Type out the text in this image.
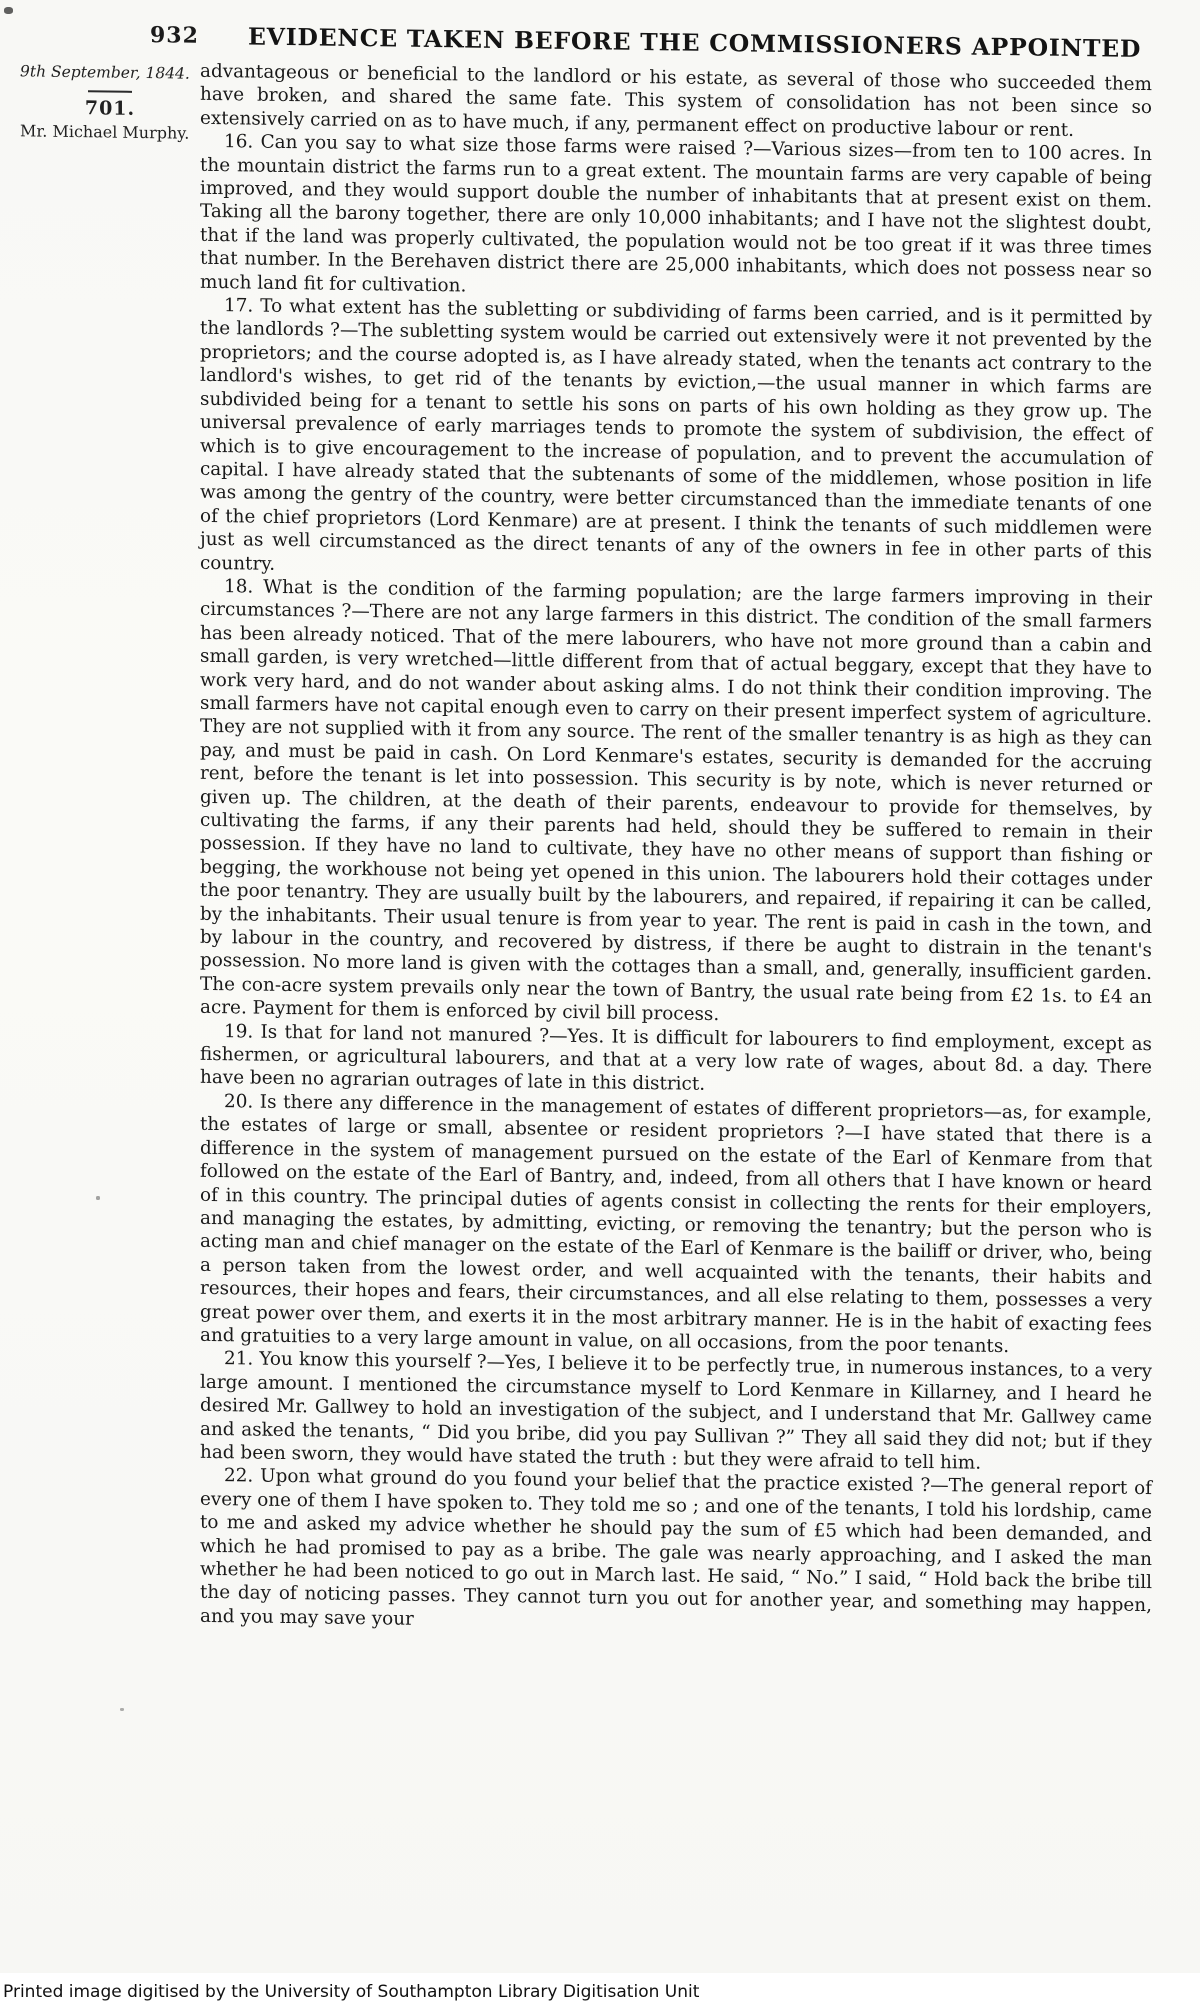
932 EVIDENCE TAKEN BEFORE THE COMMISSIONERS APPOINTED
9th September, 1844.
701.
Mr. Michael Murphy.

advantageous or beneficial to the landlord or his estate, as several of those who succeeded them have broken, and shared the same fate. This system of consolidation has not been since so extensively carried on as to have much, if any, permanent effect on productive labour or rent.

16. Can you say to what size those farms were raised ?—Various sizes—from ten to 100 acres. In the mountain district the farms run to a great extent. The mountain farms are very capable of being improved, and they would support double the number of inhabitants that at present exist on them. Taking all the barony together, there are only 10,000 inhabitants; and I have not the slightest doubt, that if the land was properly cultivated, the population would not be too great if it was three times that number. In the Berehaven district there are 25,000 inhabitants, which does not possess near so much land fit for cultivation.

17. To what extent has the subletting or subdividing of farms been carried, and is it permitted by the landlords ?—The subletting system would be carried out extensively were it not prevented by the proprietors; and the course adopted is, as I have already stated, when the tenants act contrary to the landlord's wishes, to get rid of the tenants by eviction,—the usual manner in which farms are subdivided being for a tenant to settle his sons on parts of his own holding as they grow up. The universal prevalence of early marriages tends to promote the system of subdivision, the effect of which is to give encouragement to the increase of population, and to prevent the accumulation of capital. I have already stated that the subtenants of some of the middlemen, whose position in life was among the gentry of the country, were better circumstanced than the immediate tenants of one of the chief proprietors (Lord Kenmare) are at present. I think the tenants of such middlemen were just as well circumstanced as the direct tenants of any of the owners in fee in other parts of this country.

18. What is the condition of the farming population; are the large farmers improving in their circumstances ?—There are not any large farmers in this district. The condition of the small farmers has been already noticed. That of the mere labourers, who have not more ground than a cabin and small garden, is very wretched—little different from that of actual beggary, except that they have to work very hard, and do not wander about asking alms. I do not think their condition improving. The small farmers have not capital enough even to carry on their present imperfect system of agriculture. They are not supplied with it from any source. The rent of the smaller tenantry is as high as they can pay, and must be paid in cash. On Lord Kenmare's estates, security is demanded for the accruing rent, before the tenant is let into possession. This security is by note, which is never returned or given up. The children, at the death of their parents, endeavour to provide for themselves, by cultivating the farms, if any their parents had held, should they be suffered to remain in their possession. If they have no land to cultivate, they have no other means of support than fishing or begging, the workhouse not being yet opened in this union. The labourers hold their cottages under the poor tenantry. They are usually built by the labourers, and repaired, if repairing it can be called, by the inhabitants. Their usual tenure is from year to year. The rent is paid in cash in the town, and by labour in the country, and recovered by distress, if there be aught to distrain in the tenant's possession. No more land is given with the cottages than a small, and, generally, insufficient garden. The con-acre system prevails only near the town of Bantry, the usual rate being from £2 1s. to £4 an acre. Payment for them is enforced by civil bill process.

19. Is that for land not manured ?—Yes. It is difficult for labourers to find employment, except as fishermen, or agricultural labourers, and that at a very low rate of wages, about 8d. a day. There have been no agrarian outrages of late in this district.

20. Is there any difference in the management of estates of different proprietors—as, for example, the estates of large or small, absentee or resident proprietors ?—I have stated that there is a difference in the system of management pursued on the estate of the Earl of Kenmare from that followed on the estate of the Earl of Bantry, and, indeed, from all others that I have known or heard of in this country. The principal duties of agents consist in collecting the rents for their employers, and managing the estates, by admitting, evicting, or removing the tenantry; but the person who is acting man and chief manager on the estate of the Earl of Kenmare is the bailiff or driver, who, being a person taken from the lowest order, and well acquainted with the tenants, their habits and resources, their hopes and fears, their circumstances, and all else relating to them, possesses a very great power over them, and exerts it in the most arbitrary manner. He is in the habit of exacting fees and gratuities to a very large amount in value, on all occasions, from the poor tenants.

21. You know this yourself ?—Yes, I believe it to be perfectly true, in numerous instances, to a very large amount. I mentioned the circumstance myself to Lord Kenmare in Killarney, and I heard he desired Mr. Gallwey to hold an investigation of the subject, and I understand that Mr. Gallwey came and asked the tenants, “ Did you bribe, did you pay Sullivan ?” They all said they did not; but if they had been sworn, they would have stated the truth : but they were afraid to tell him.

22. Upon what ground do you found your belief that the practice existed ?—The general report of every one of them I have spoken to. They told me so ; and one of the tenants, I told his lordship, came to me and asked my advice whether he should pay the sum of £5 which had been demanded, and which he had promised to pay as a bribe. The gale was nearly approaching, and I asked the man whether he had been noticed to go out in March last. He said, “ No.” I said, “ Hold back the bribe till the day of noticing passes. They cannot turn you out for another year, and something may happen, and you may save your

Printed image digitised by the University of Southampton Library Digitisation Unit
